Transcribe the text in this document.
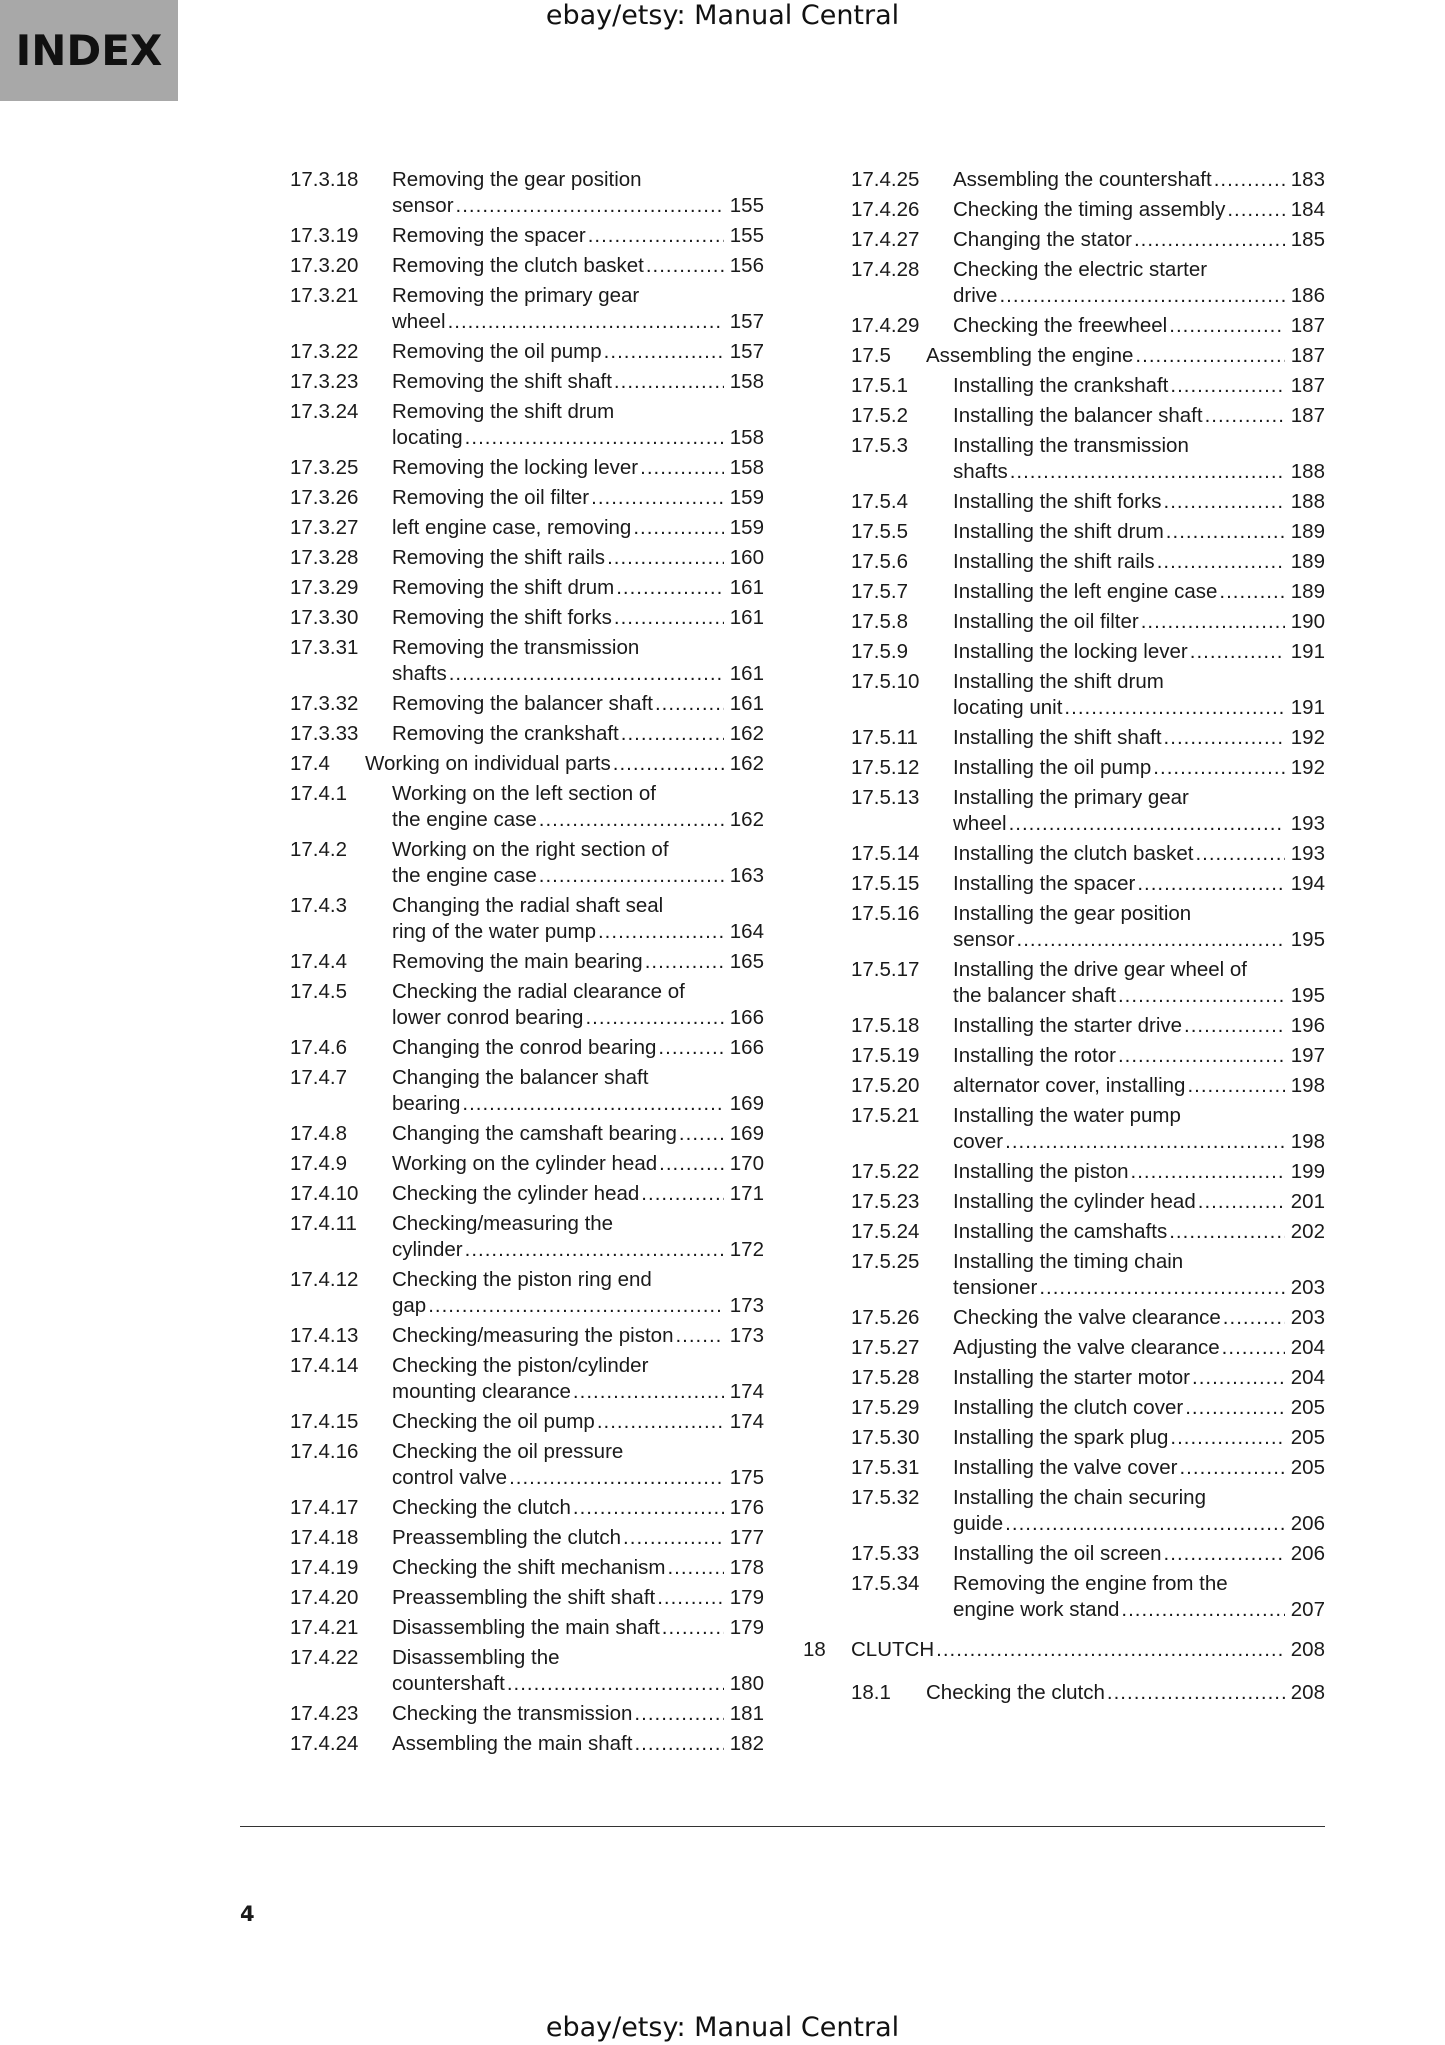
INDEX
ebay/etsy: Manual Central
17.3.18 Removing the gear position
sensor .....	155
17.3.19 Removing the spacer .....	155
17.3.20 Removing the clutch basket .....	156
17.3.21 Removing the primary gear
wheel .....	157
17.3.22 Removing the oil pump .....	157
17.3.23 Removing the shift shaft .....	158
17.3.24 Removing the shift drum
locating .....	158
17.3.25 Removing the locking lever .....	158
17.3.26 Removing the oil filter .....	159
17.3.27 left engine case, removing .....	159
17.3.28 Removing the shift rails .....	160
17.3.29 Removing the shift drum .....	161
17.3.30 Removing the shift forks .....	161
17.3.31 Removing the transmission
shafts .....	161
17.3.32 Removing the balancer shaft .....	161
17.3.33 Removing the crankshaft .....	162
17.4 Working on individual parts .....	162
17.4.1 Working on the left section of
the engine case .....	162
17.4.2 Working on the right section of
the engine case .....	163
17.4.3 Changing the radial shaft seal
ring of the water pump .....	164
17.4.4 Removing the main bearing .....	165
17.4.5 Checking the radial clearance of
lower conrod bearing .....	166
17.4.6 Changing the conrod bearing .....	166
17.4.7 Changing the balancer shaft
bearing .....	169
17.4.8 Changing the camshaft bearing .....	169
17.4.9 Working on the cylinder head .....	170
17.4.10 Checking the cylinder head .....	171
17.4.11 Checking/measuring the
cylinder .....	172
17.4.12 Checking the piston ring end
gap .....	173
17.4.13 Checking/measuring the piston .....	173
17.4.14 Checking the piston/cylinder
mounting clearance .....	174
17.4.15 Checking the oil pump .....	174
17.4.16 Checking the oil pressure
control valve .....	175
17.4.17 Checking the clutch .....	176
17.4.18 Preassembling the clutch .....	177
17.4.19 Checking the shift mechanism .....	178
17.4.20 Preassembling the shift shaft .....	179
17.4.21 Disassembling the main shaft .....	179
17.4.22 Disassembling the
countershaft .....	180
17.4.23 Checking the transmission .....	181
17.4.24 Assembling the main shaft .....	182
17.4.25 Assembling the countershaft .....	183
17.4.26 Checking the timing assembly .....	184
17.4.27 Changing the stator .....	185
17.4.28 Checking the electric starter
drive .....	186
17.4.29 Checking the freewheel .....	187
17.5 Assembling the engine .....	187
17.5.1 Installing the crankshaft .....	187
17.5.2 Installing the balancer shaft .....	187
17.5.3 Installing the transmission
shafts .....	188
17.5.4 Installing the shift forks .....	188
17.5.5 Installing the shift drum .....	189
17.5.6 Installing the shift rails .....	189
17.5.7 Installing the left engine case .....	189
17.5.8 Installing the oil filter .....	190
17.5.9 Installing the locking lever .....	191
17.5.10 Installing the shift drum
locating unit .....	191
17.5.11 Installing the shift shaft .....	192
17.5.12 Installing the oil pump .....	192
17.5.13 Installing the primary gear
wheel .....	193
17.5.14 Installing the clutch basket .....	193
17.5.15 Installing the spacer .....	194
17.5.16 Installing the gear position
sensor .....	195
17.5.17 Installing the drive gear wheel of
the balancer shaft .....	195
17.5.18 Installing the starter drive .....	196
17.5.19 Installing the rotor .....	197
17.5.20 alternator cover, installing .....	198
17.5.21 Installing the water pump
cover .....	198
17.5.22 Installing the piston .....	199
17.5.23 Installing the cylinder head .....	201
17.5.24 Installing the camshafts .....	202
17.5.25 Installing the timing chain
tensioner .....	203
17.5.26 Checking the valve clearance .....	203
17.5.27 Adjusting the valve clearance .....	204
17.5.28 Installing the starter motor .....	204
17.5.29 Installing the clutch cover .....	205
17.5.30 Installing the spark plug .....	205
17.5.31 Installing the valve cover .....	205
17.5.32 Installing the chain securing
guide .....	206
17.5.33 Installing the oil screen .....	206
17.5.34 Removing the engine from the
engine work stand .....	207
18 CLUTCH .....	208
18.1 Checking the clutch .....	208
4
ebay/etsy: Manual Central
